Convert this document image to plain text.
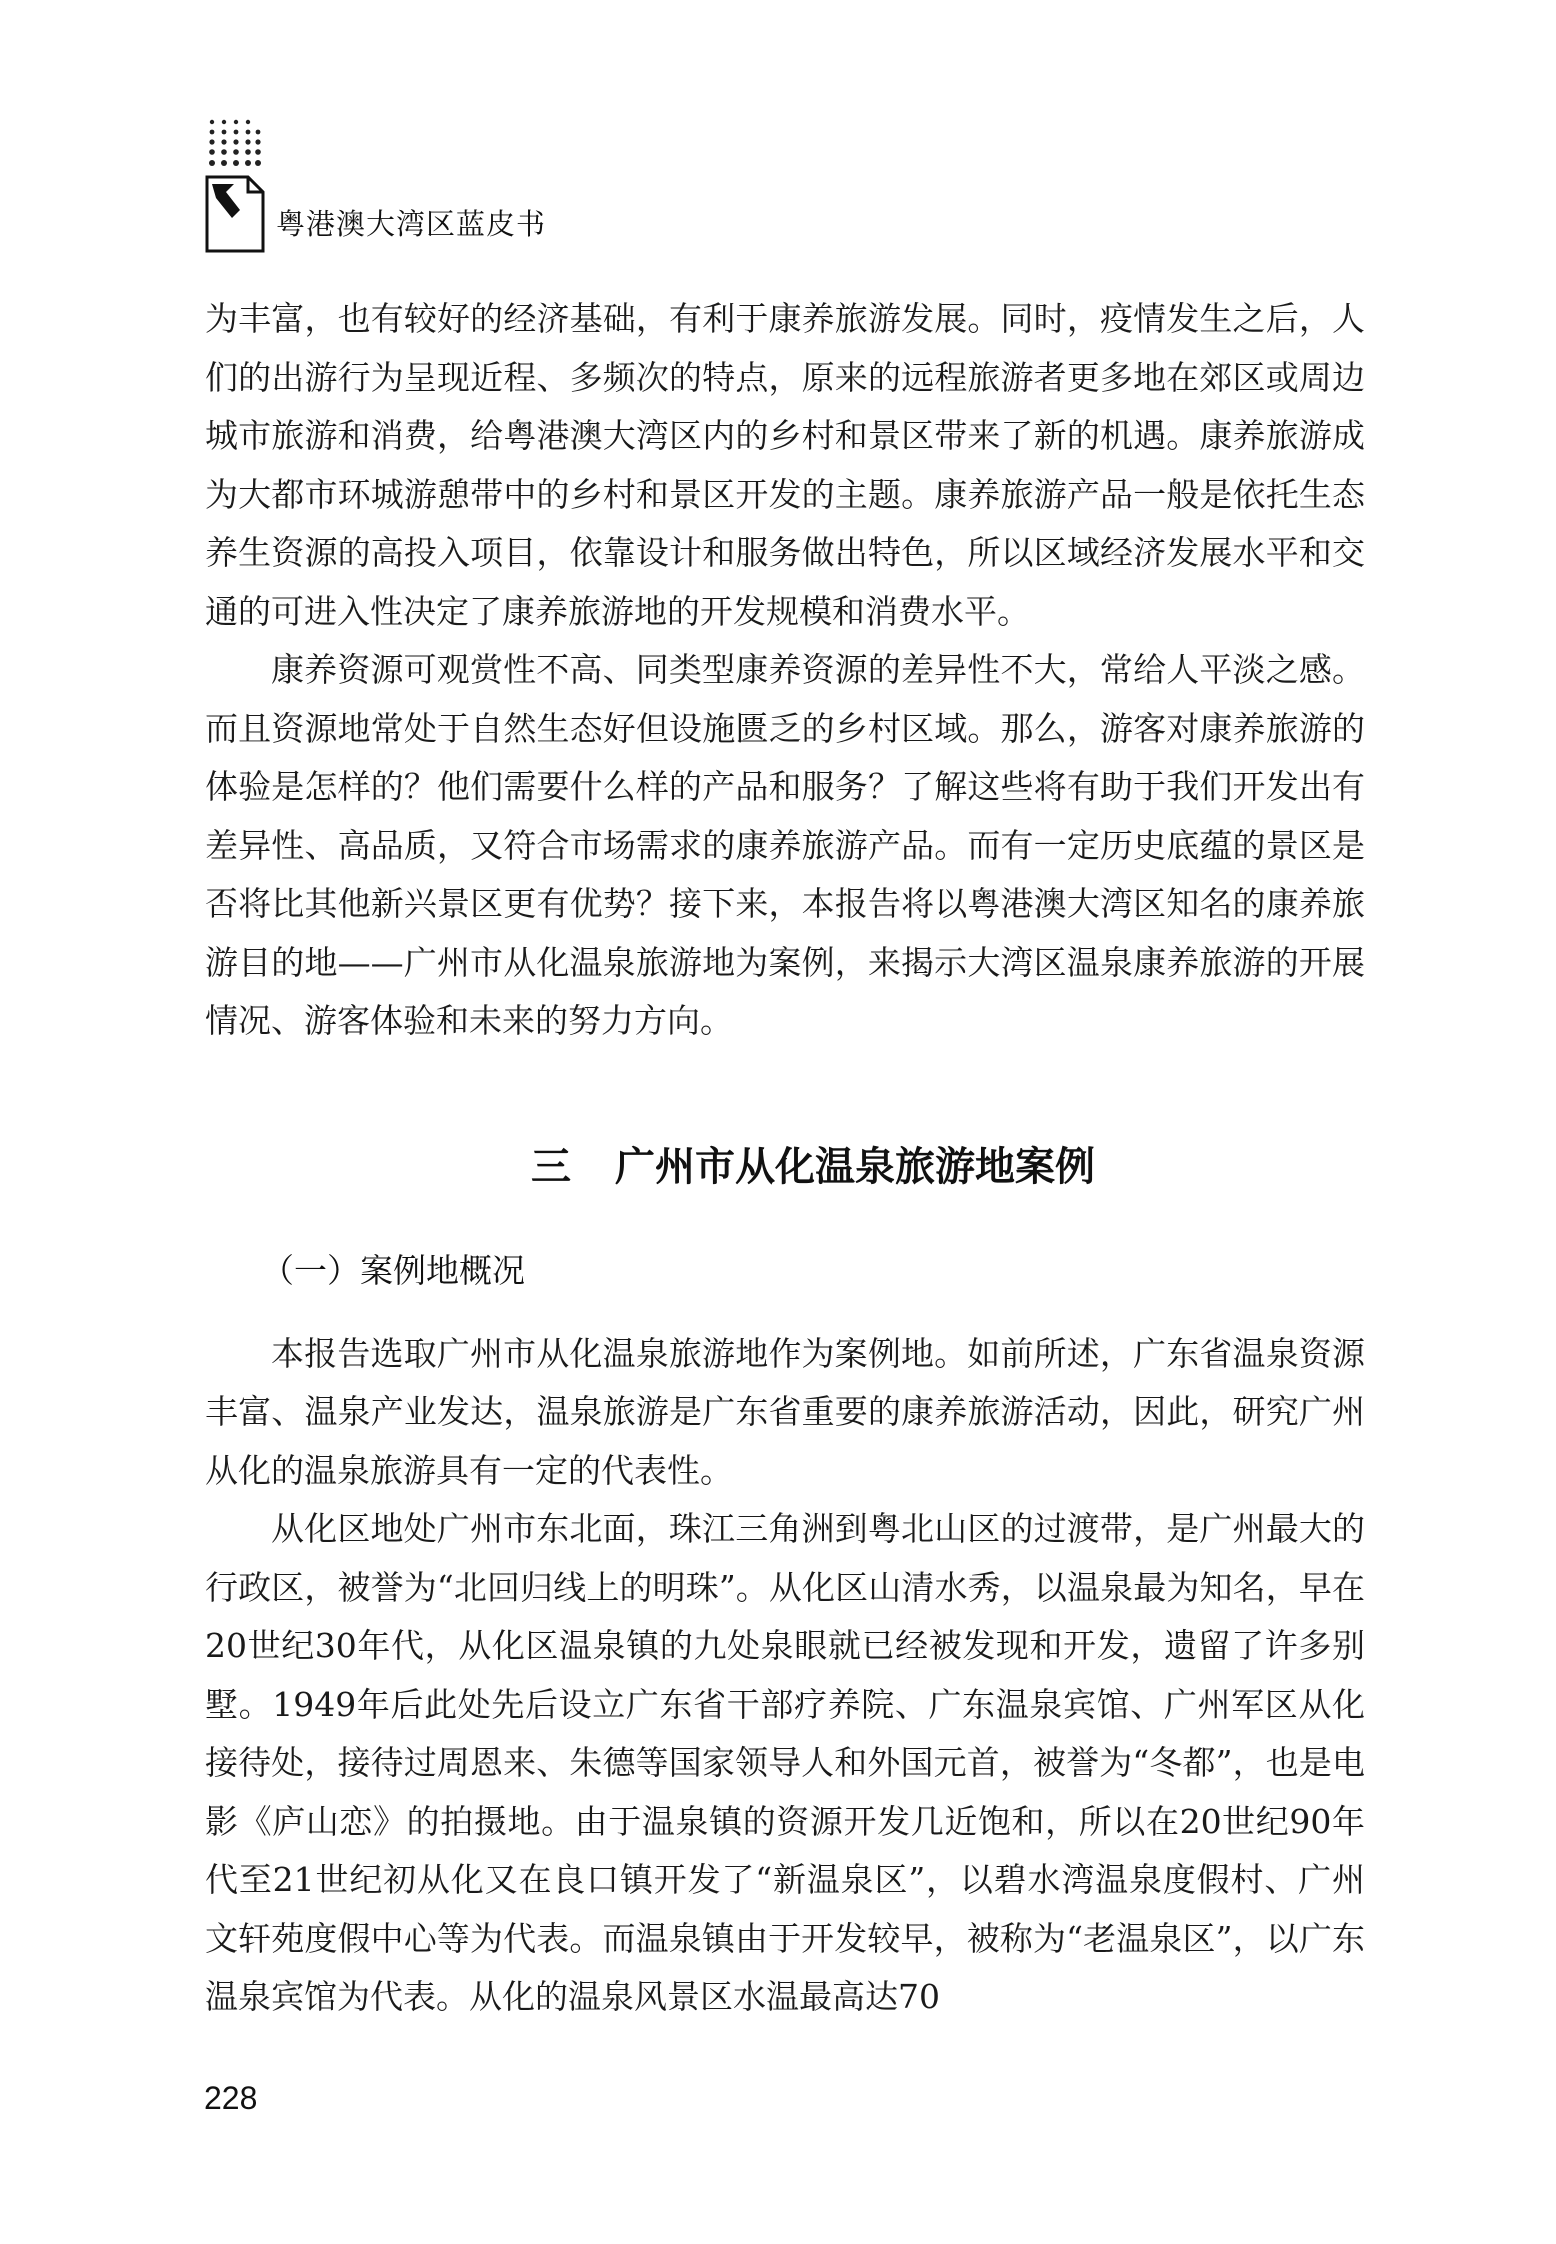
粤港澳大湾区蓝皮书

为丰富，也有较好的经济基础，有利于康养旅游发展。同时，疫情发生之后，人们的出游行为呈现近程、多频次的特点，原来的远程旅游者更多地在郊区或周边城市旅游和消费，给粤港澳大湾区内的乡村和景区带来了新的机遇。康养旅游成为大都市环城游憩带中的乡村和景区开发的主题。康养旅游产品一般是依托生态养生资源的高投入项目，依靠设计和服务做出特色，所以区域经济发展水平和交通的可进入性决定了康养旅游地的开发规模和消费水平。

康养资源可观赏性不高、同类型康养资源的差异性不大，常给人平淡之感。而且资源地常处于自然生态好但设施匮乏的乡村区域。那么，游客对康养旅游的体验是怎样的？他们需要什么样的产品和服务？了解这些将有助于我们开发出有差异性、高品质，又符合市场需求的康养旅游产品。而有一定历史底蕴的景区是否将比其他新兴景区更有优势？接下来，本报告将以粤港澳大湾区知名的康养旅游目的地——广州市从化温泉旅游地为案例，来揭示大湾区温泉康养旅游的开展情况、游客体验和未来的努力方向。

三 广州市从化温泉旅游地案例
（一）案例地概况

本报告选取广州市从化温泉旅游地作为案例地。如前所述，广东省温泉资源丰富、温泉产业发达，温泉旅游是广东省重要的康养旅游活动，因此，研究广州从化的温泉旅游具有一定的代表性。

从化区地处广州市东北面，珠江三角洲到粤北山区的过渡带，是广州最大的行政区，被誉为“北回归线上的明珠”。从化区山清水秀，以温泉最为知名，早在20世纪30年代，从化区温泉镇的九处泉眼就已经被发现和开发，遗留了许多别墅。1949年后此处先后设立广东省干部疗养院、广东温泉宾馆、广州军区从化接待处，接待过周恩来、朱德等国家领导人和外国元首，被誉为“冬都”，也是电影《庐山恋》的拍摄地。由于温泉镇的资源开发几近饱和，所以在20世纪90年代至21世纪初从化又在良口镇开发了“新温泉区”，以碧水湾温泉度假村、广州文轩苑度假中心等为代表。而温泉镇由于开发较早，被称为“老温泉区”，以广东温泉宾馆为代表。从化的温泉风景区水温最高达70

228
